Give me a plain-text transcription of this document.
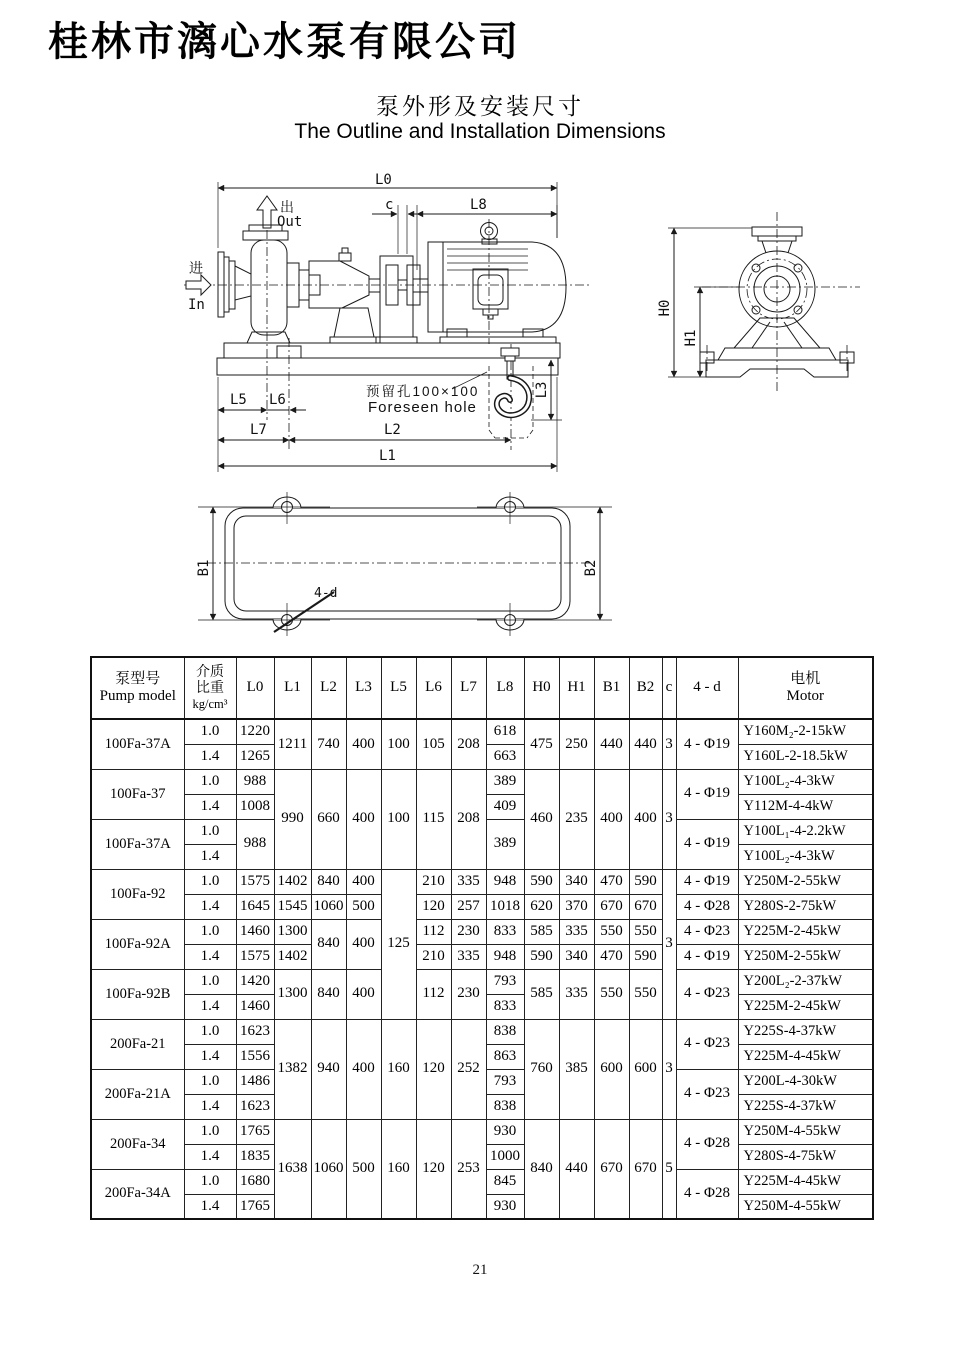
桂林市漓心水泵有限公司
泵外形及安装尺寸
The Outline and Installation Dimensions
L0
c	L8
出
Out
进
In
预留孔100×100
Foreseen hole
L3
L5 L6
L7	L2
L1
H0
H1
B1	B2
4-d
泵型号
Pump model

介质
比重
kg/cm³

L0	L1	L2	L3	L5	L6	L7	L8	H0	H1	B1	B2	c	4 - d

电机
Motor

100Fa-37A	1.0	1220	1211	740	400	100	105	208	618	475	250	440	440	3	4 - Φ19	Y160M₂-2-15kW

	1.4	1265							663							Y160L-2-18.5kW

100Fa-37	1.0	988	990	660	400	100	115	208	389	460	235	400	400	3	4 - Φ19	Y100L₂-4-3kW

	1.4	1008							409							Y112M-4-4kW

100Fa-37A	1.0	988							389						4 - Φ19	Y100L₁-4-2.2kW

	1.4															Y100L₂-4-3kW

100Fa-92	1.0	1575	1402	840	400	125	210	335	948	590	340	470	590	3	4 - Φ19	Y250M-2-55kW

	1.4	1645	1545	1060	500		120	257	1018	620	370	670	670		4 - Φ28	Y280S-2-75kW

100Fa-92A	1.0	1460	1300	840	400		112	230	833	585	335	550	550		4 - Φ23	Y225M-2-45kW

	1.4	1575	1402				210	335	948	590	340	470	590		4 - Φ19	Y250M-2-55kW

100Fa-92B	1.0	1420	1300	840	400		112	230	793	585	335	550	550		4 - Φ23	Y200L₂-2-37kW

	1.4	1460							833							Y225M-2-45kW

200Fa-21	1.0	1623	1382	940	400	160	120	252	838	760	385	600	600	3	4 - Φ23	Y225S-4-37kW

	1.4	1556							863							Y225M-4-45kW

200Fa-21A	1.0	1486							793						4 - Φ23	Y200L-4-30kW

	1.4	1623							838							Y225S-4-37kW

200Fa-34	1.0	1765	1638	1060	500	160	120	253	930	840	440	670	670	5	4 - Φ28	Y250M-4-55kW

	1.4	1835							1000							Y280S-4-75kW

200Fa-34A	1.0	1680							845						4 - Φ28	Y225M-4-45kW

	1.4	1765							930							Y250M-4-55kW
21
